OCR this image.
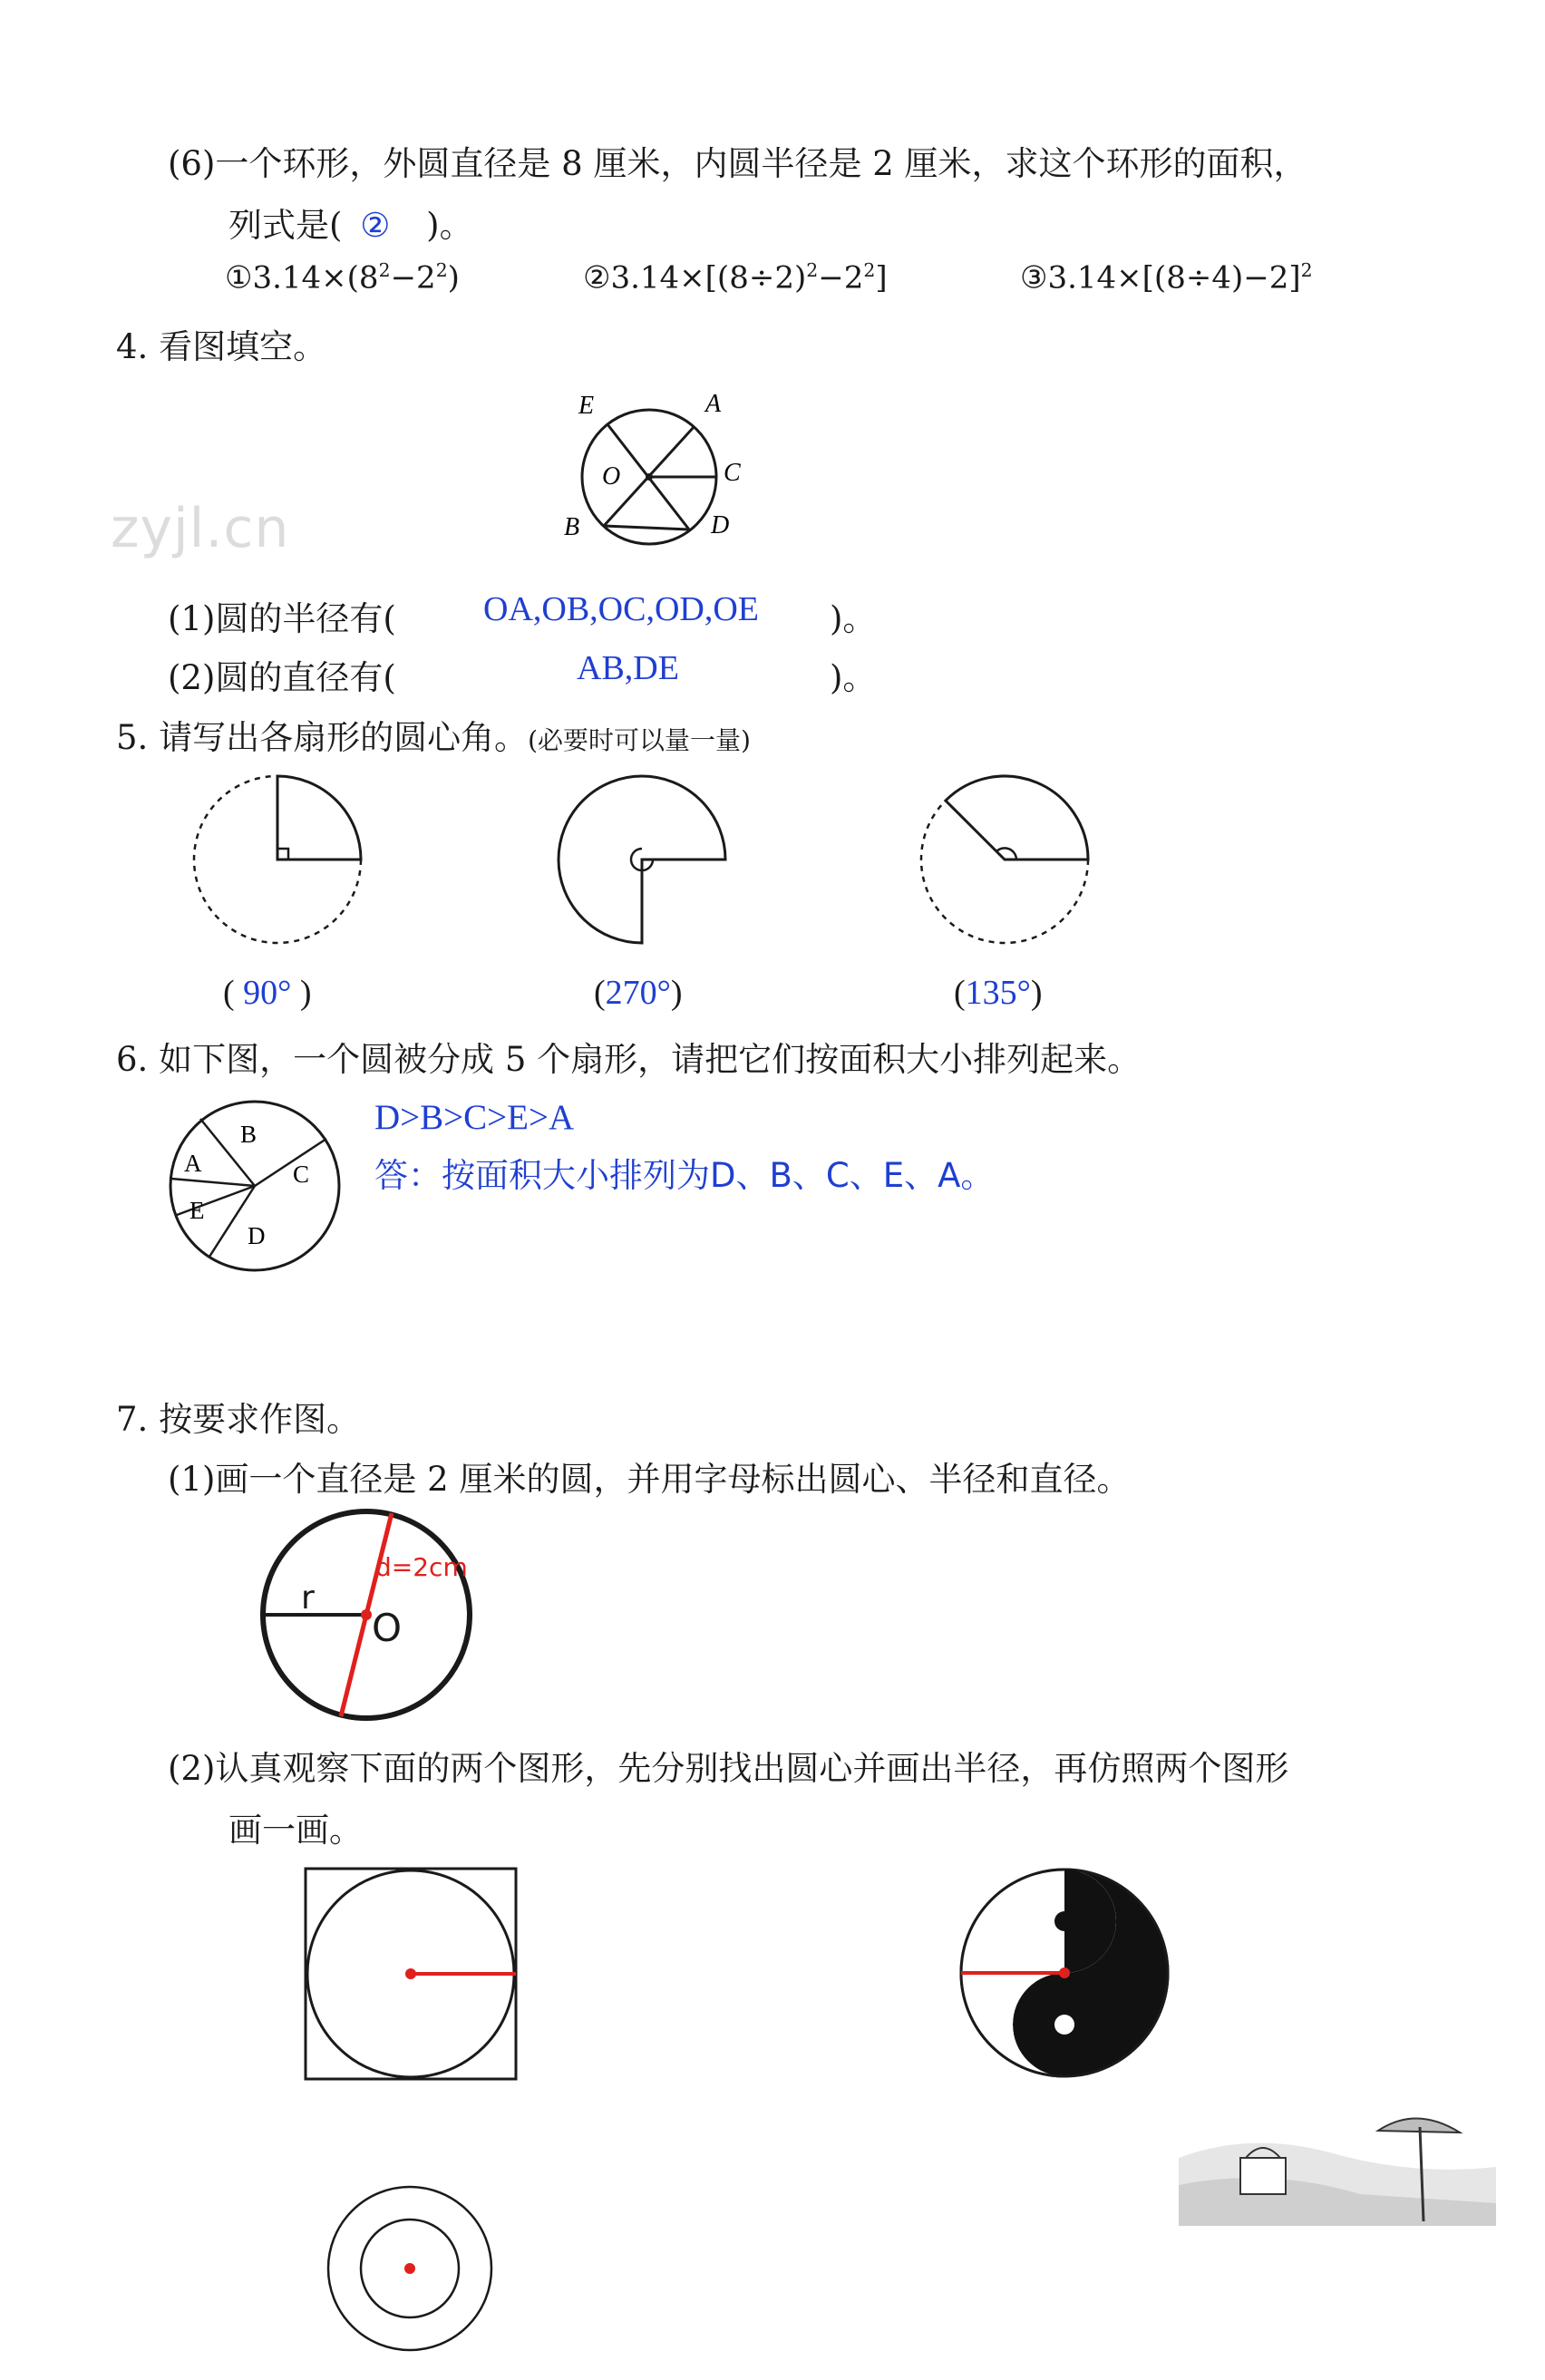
(6)一个环形，外圆直径是 8 厘米，内圆半径是 2 厘米，求这个环形的面积，
列式是( ② )。
$①3.14\times(8^2-2^2)$	$②3.14\times[(8\div 2)^2-2^2]$	$③3.14\times[(8\div 4)-2]^2$
4. 看图填空。
E	A
O	C
B	D
zyjl.cn
(1)圆的半径有(	OA,OB,OC,OD,OE )。
(2)圆的直径有(	AB,DE	)。
5. 请写出各扇形的圆心角。(必要时可以量一量)
( 90° )	(270°)	(135°)
6. 如下图，一个圆被分成 5 个扇形，请把它们按面积大小排列起来。
A
B
C
D
E
D>B>C>E>A
答：按面积大小排列为D、B、C、E、A。
7. 按要求作图。
(1)画一个直径是 2 厘米的圆，并用字母标出圆心、半径和直径。
r
d=2cm
O
(2)认真观察下面的两个图形，先分别找出圆心并画出半径，再仿照两个图形
画一画。
